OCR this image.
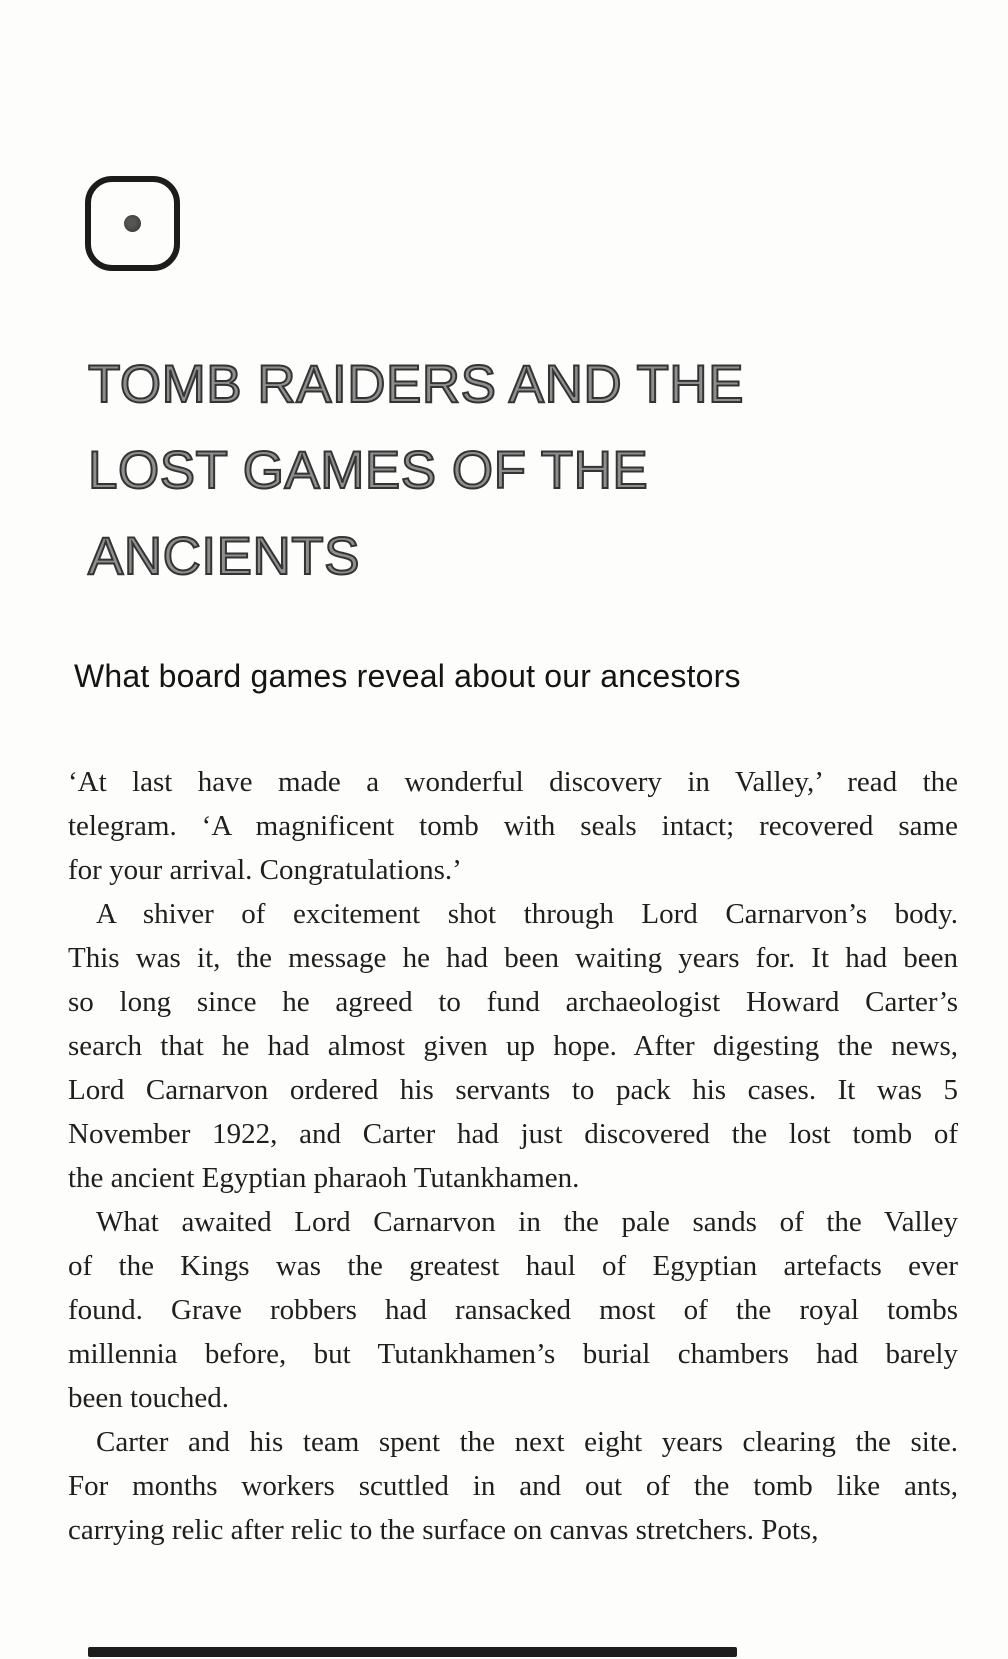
TOMB RAIDERS AND THE
LOST GAMES OF THE
ANCIENTS
What board games reveal about our ancestors

‘At last have made a wonderful discovery in Valley,’ read the
telegram. ‘A magnificent tomb with seals intact; recovered same
for your arrival. Congratulations.’

A shiver of excitement shot through Lord Carnarvon’s body.
This was it, the message he had been waiting years for. It had been
so long since he agreed to fund archaeologist Howard Carter’s
search that he had almost given up hope. After digesting the news,
Lord Carnarvon ordered his servants to pack his cases. It was 5
November 1922, and Carter had just discovered the lost tomb of
the ancient Egyptian pharaoh Tutankhamen.

What awaited Lord Carnarvon in the pale sands of the Valley
of the Kings was the greatest haul of Egyptian artefacts ever
found. Grave robbers had ransacked most of the royal tombs
millennia before, but Tutankhamen’s burial chambers had barely
been touched.

Carter and his team spent the next eight years clearing the site.
For months workers scuttled in and out of the tomb like ants,
carrying relic after relic to the surface on canvas stretchers. Pots,
